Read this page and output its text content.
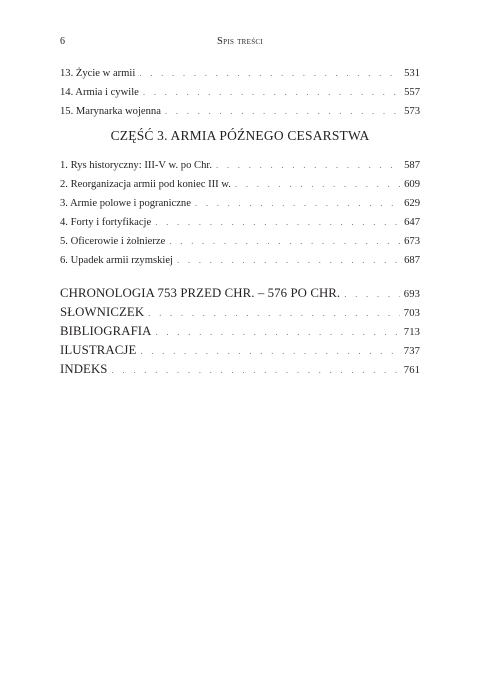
6	Spis treści
13. Życie w armii . . .	531
14. Armia i cywile . . .	557
15. Marynarka wojenna . . .	573
CZĘŚĆ 3. ARMIA PÓŹNEGO CESARSTWA
1. Rys historyczny: III-V w. po Chr. . . .	587
2. Reorganizacja armii pod koniec III w. . . .	609
3. Armie polowe i pograniczne . . .	629
4. Forty i fortyfikacje . . .	647
5. Oficerowie i żołnierze . . .	673
6. Upadek armii rzymskiej . . .	687
CHRONOLOGIA 753 PRZED CHR. – 576 PO CHR. . . .	693
SŁOWNICZEK . . .	703
BIBLIOGRAFIA . . .	713
ILUSTRACJE . . .	737
INDEKS . . .	761
